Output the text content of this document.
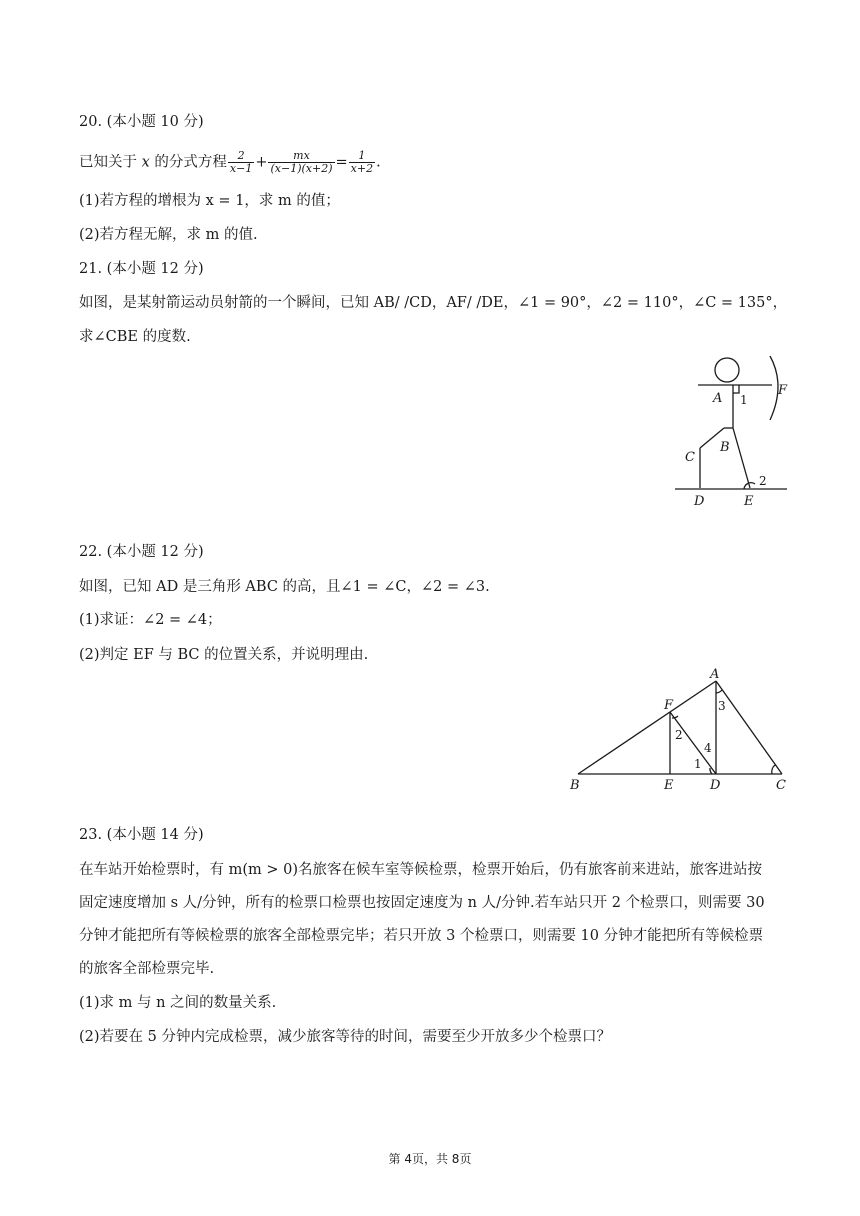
20. (本小题 10 分)
已知关于 x 的分式方程 $\frac{2}{x-1} + \frac{mx}{(x-1)(x+2)} = \frac{1}{x+2}$ .
(1)若方程的增根为 x = 1，求 m 的值；
(2)若方程无解，求 m 的值.
21. (本小题 12 分)
如图，是某射箭运动员射箭的一个瞬间，已知 AB/ /CD，AF/ /DE，∠1 = 90°，∠2 = 110°，∠C = 135°，
求∠CBE 的度数.
A 1
F
B
C
2
D	E
22. (本小题 12 分)
如图，已知 AD 是三角形 ABC 的高，且∠1 = ∠C，∠2 = ∠3.
(1)求证：∠2 = ∠4；
(2)判定 EF 与 BC 的位置关系，并说明理由.
A
F
2
3
4
1
B	E	D	C
23. (本小题 14 分)
在车站开始检票时，有 m(m > 0)名旅客在候车室等候检票，检票开始后，仍有旅客前来进站，旅客进站按
固定速度增加 s 人/分钟，所有的检票口检票也按固定速度为 n 人/分钟.若车站只开 2 个检票口，则需要 30
分钟才能把所有等候检票的旅客全部检票完毕；若只开放 3 个检票口，则需要 10 分钟才能把所有等候检票
的旅客全部检票完毕.
(1)求 m 与 n 之间的数量关系.
(2)若要在 5 分钟内完成检票，减少旅客等待的时间，需要至少开放多少个检票口？
第 4页，共 8页
